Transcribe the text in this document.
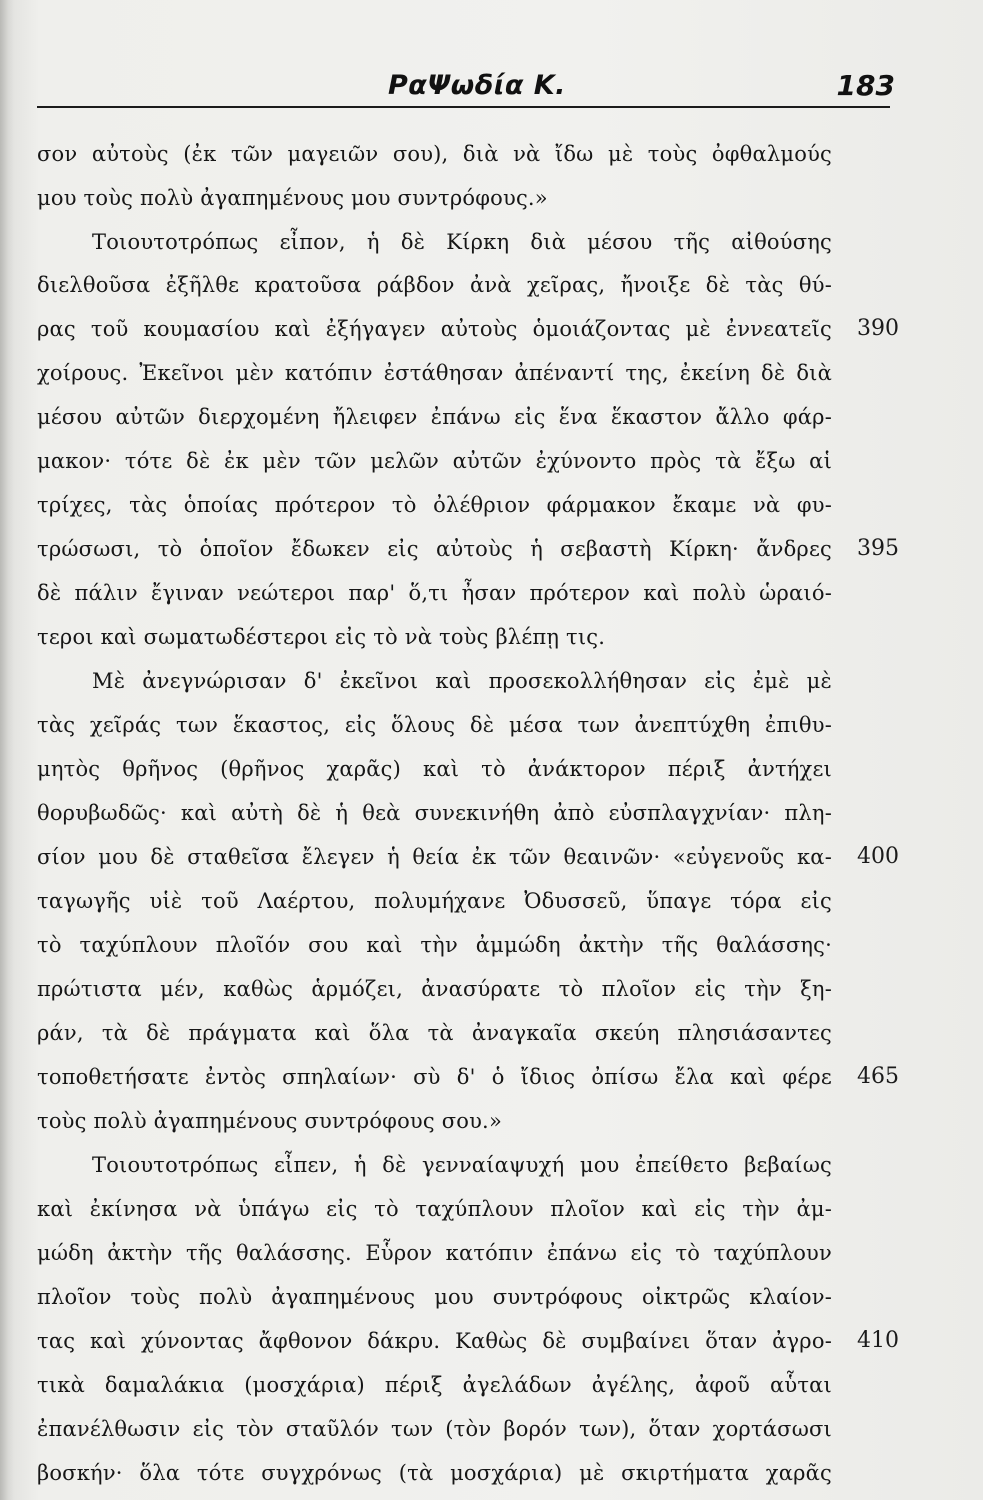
ΡαΨωδία Κ.	183
σον αὐτοὺς (ἐκ τῶν μαγειῶν σου), διὰ νὰ ἴδω μὲ τοὺς ὀφθαλμούς
μου τοὺς πολὺ ἀγαπημένους μου συντρόφους.»
Τοιουτοτρόπως εἶπον, ἡ δὲ Κίρκη διὰ μέσου τῆς αἰθούσης
διελθοῦσα ἐξῆλθε κρατοῦσα ράβδον ἀνὰ χεῖρας, ἤνοιξε δὲ τὰς θύ-
ρας τοῦ κουμασίου καὶ ἐξήγαγεν αὐτοὺς ὁμοιάζοντας μὲ ἐννεατεῖς
χοίρους. Ἐκεῖνοι μὲν κατόπιν ἐστάθησαν ἀπέναντί της, ἐκείνη δὲ διὰ
μέσου αὐτῶν διερχομένη ἤλειφεν ἐπάνω εἰς ἕνα ἕκαστον ἄλλο φάρ-
μακον· τότε δὲ ἐκ μὲν τῶν μελῶν αὐτῶν ἐχύνοντο πρὸς τὰ ἔξω αἱ
τρίχες, τὰς ὁποίας πρότερον τὸ ὀλέθριον φάρμακον ἔκαμε νὰ φυ-
τρώσωσι, τὸ ὁποῖον ἔδωκεν εἰς αὐτοὺς ἡ σεβαστὴ Κίρκη· ἄνδρες
δὲ πάλιν ἔγιναν νεώτεροι παρ' ὅ,τι ἦσαν πρότερον καὶ πολὺ ὡραιό-
τεροι καὶ σωματωδέστεροι εἰς τὸ νὰ τοὺς βλέπῃ τις.
Μὲ ἀνεγνώρισαν δ' ἐκεῖνοι καὶ προσεκολλήθησαν εἰς ἐμὲ μὲ
τὰς χεῖράς των ἕκαστος, εἰς ὅλους δὲ μέσα των ἀνεπτύχθη ἐπιθυ-
μητὸς θρῆνος (θρῆνος χαρᾶς) καὶ τὸ ἀνάκτορον πέριξ ἀντήχει
θορυβωδῶς· καὶ αὐτὴ δὲ ἡ θεὰ συνεκινήθη ἀπὸ εὐσπλαγχνίαν· πλη-
σίον μου δὲ σταθεῖσα ἔλεγεν ἡ θεία ἐκ τῶν θεαινῶν· «εὐγενοῦς κα-
ταγωγῆς υἱὲ τοῦ Λαέρτου, πολυμήχανε Ὀδυσσεῦ, ὕπαγε τόρα εἰς
τὸ ταχύπλουν πλοῖόν σου καὶ τὴν ἀμμώδη ἀκτὴν τῆς θαλάσσης·
πρώτιστα μέν, καθὼς ἁρμόζει, ἀνασύρατε τὸ πλοῖον εἰς τὴν ξη-
ράν, τὰ δὲ πράγματα καὶ ὅλα τὰ ἀναγκαῖα σκεύη πλησιάσαντες
τοποθετήσατε ἐντὸς σπηλαίων· σὺ δ' ὁ ἴδιος ὀπίσω ἔλα καὶ φέρε
τοὺς πολὺ ἀγαπημένους συντρόφους σου.»
Τοιουτοτρόπως εἶπεν, ἡ δὲ γενναίαψυχή μου ἐπείθετο βεβαίως
καὶ ἐκίνησα νὰ ὑπάγω εἰς τὸ ταχύπλουν πλοῖον καὶ εἰς τὴν ἀμ-
μώδη ἀκτὴν τῆς θαλάσσης. Εὗρον κατόπιν ἐπάνω εἰς τὸ ταχύπλουν
πλοῖον τοὺς πολὺ ἀγαπημένους μου συντρόφους οἰκτρῶς κλαίον-
τας καὶ χύνοντας ἄφθονον δάκρυ. Καθὼς δὲ συμβαίνει ὅταν ἀγρο-
τικὰ δαμαλάκια (μοσχάρια) πέριξ ἀγελάδων ἀγέλης, ἀφοῦ αὗται
ἐπανέλθωσιν εἰς τὸν σταῦλόν των (τὸν βορόν των), ὅταν χορτάσωσι
βοσκήν· ὅλα τότε συγχρόνως (τὰ μοσχάρια) μὲ σκιρτήματα χαρᾶς
390
395
400
465
410
